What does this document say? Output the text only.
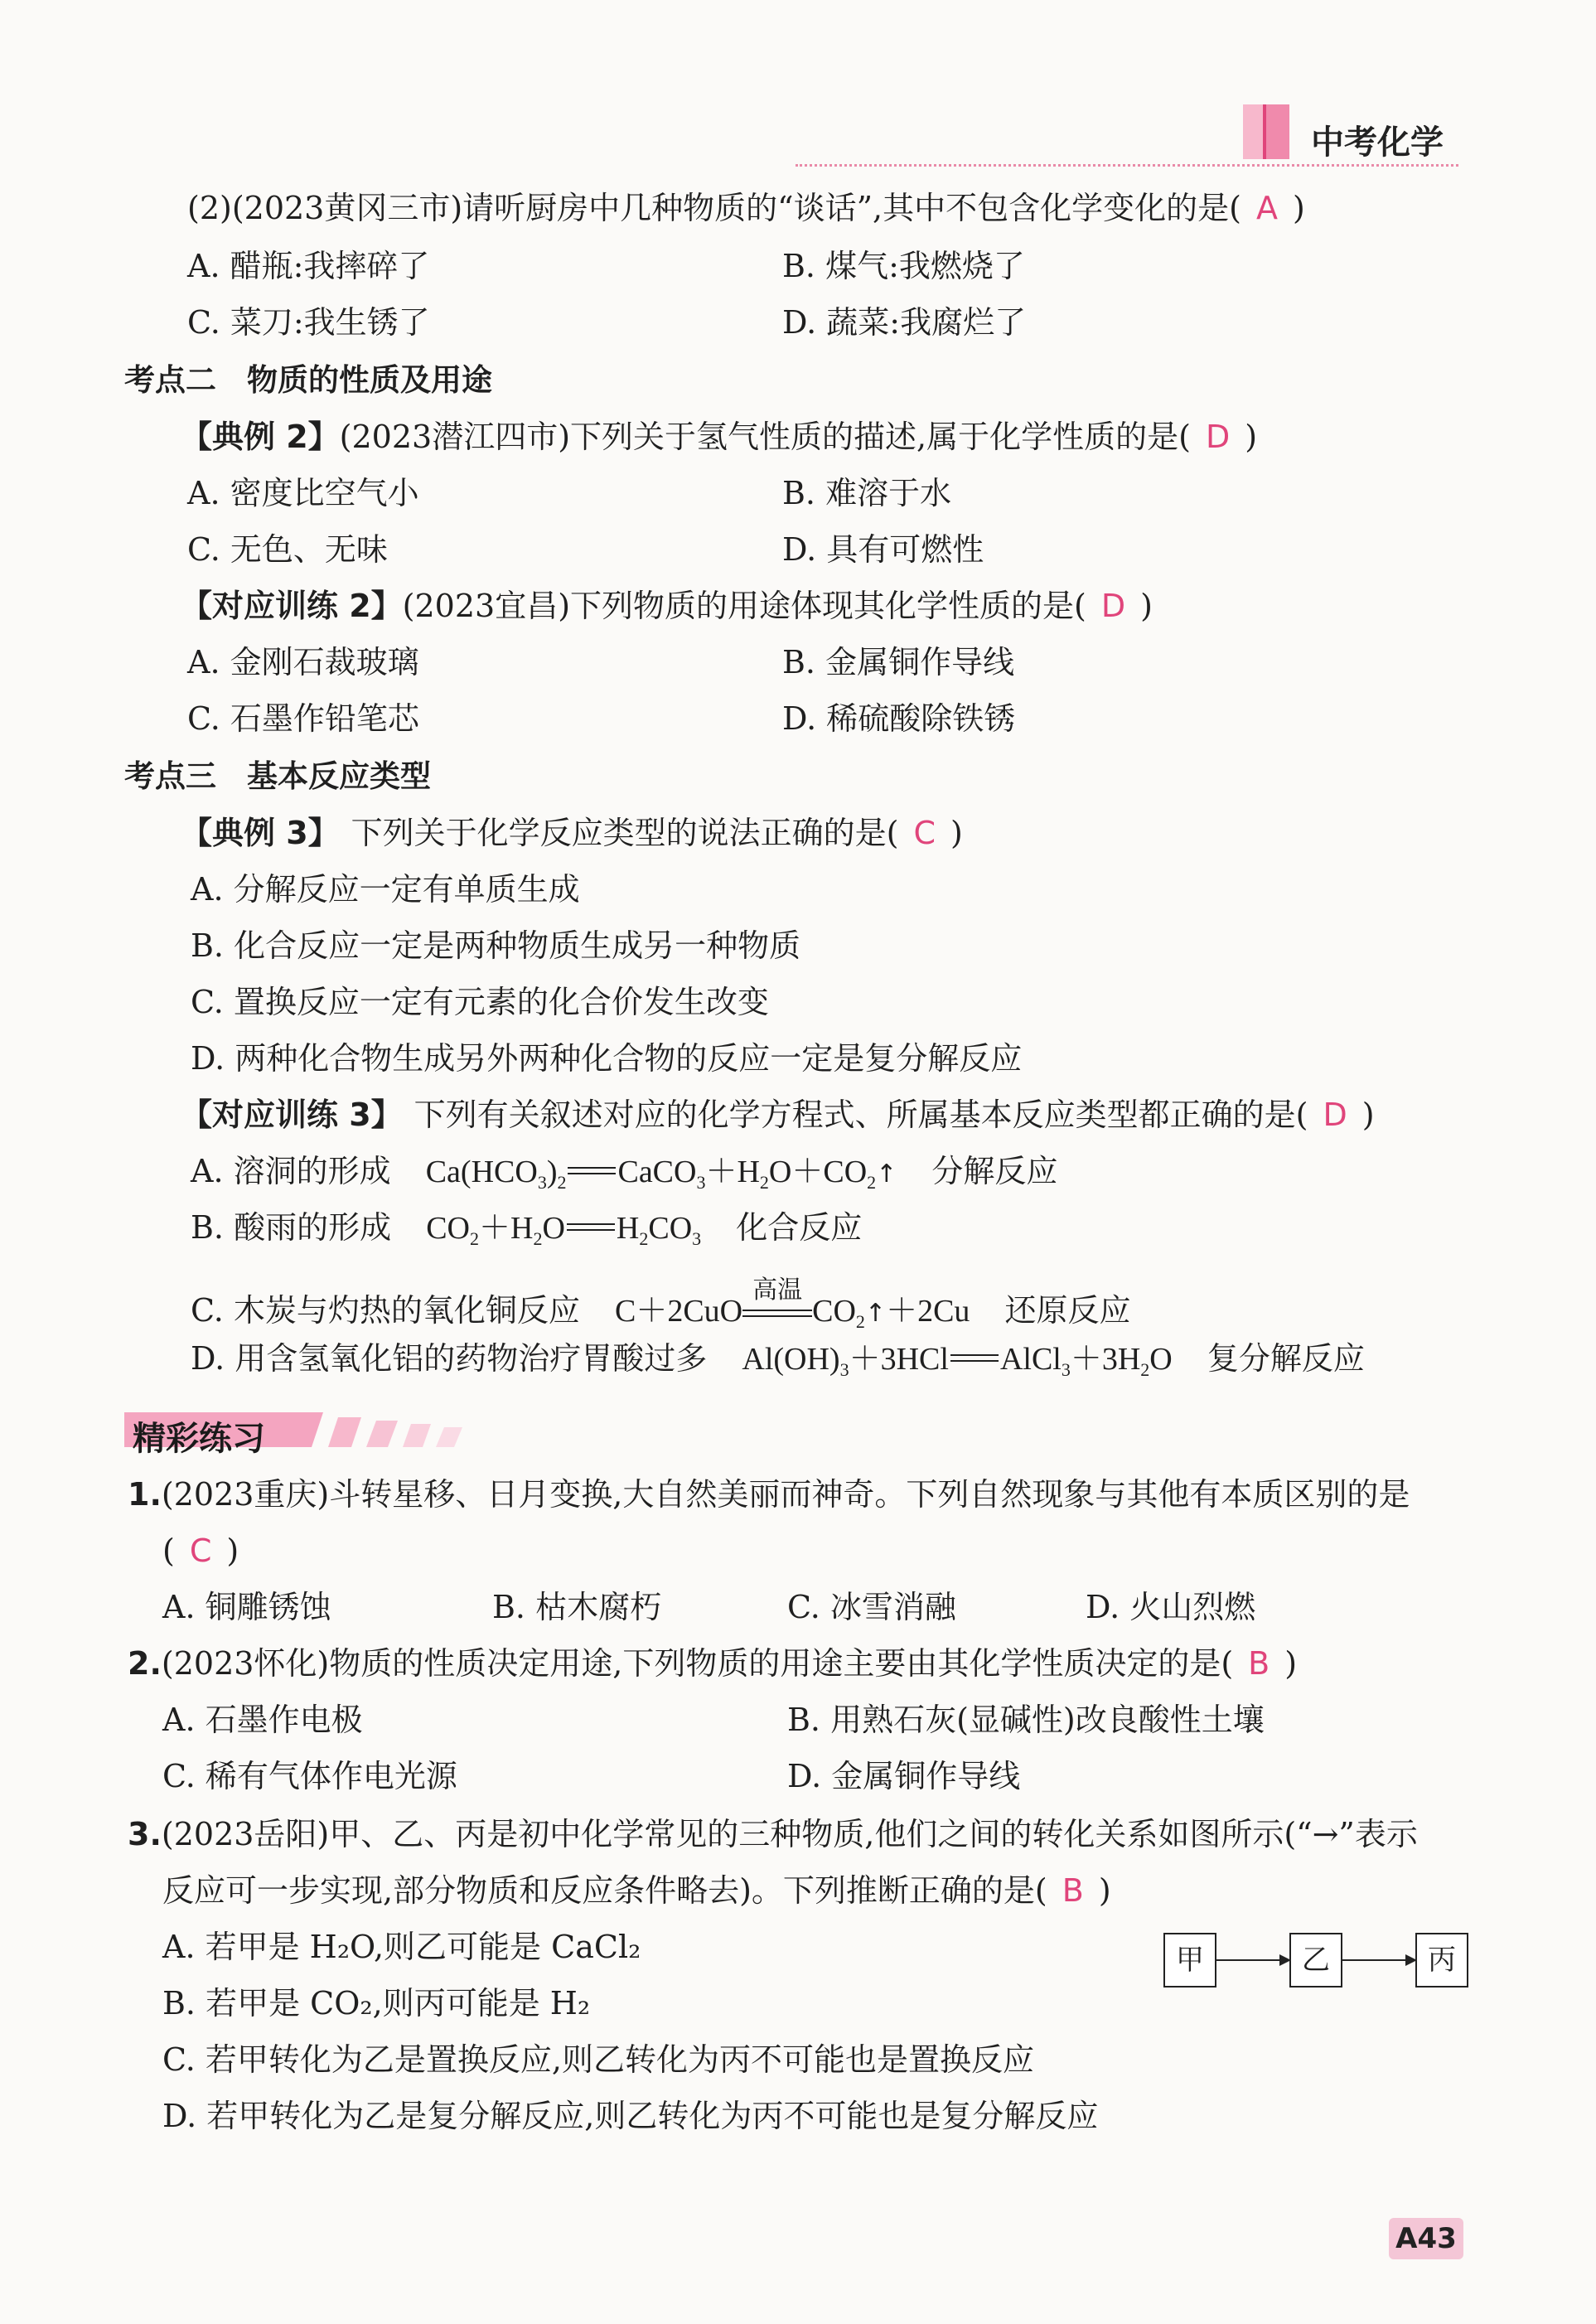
中考化学
(2)(2023黄冈三市)请听厨房中几种物质的“谈话”,其中不包含化学变化的是( A )
A. 醋瓶:我摔碎了	B. 煤气:我燃烧了
C. 菜刀:我生锈了	D. 蔬菜:我腐烂了
考点二　物质的性质及用途
【典例 2】(2023潜江四市)下列关于氢气性质的描述,属于化学性质的是( D )
A. 密度比空气小	B. 难溶于水
C. 无色、无味	D. 具有可燃性
【对应训练 2】(2023宜昌)下列物质的用途体现其化学性质的是( D )
A. 金刚石裁玻璃	B. 金属铜作导线
C. 石墨作铅笔芯	D. 稀硫酸除铁锈
考点三　基本反应类型
【典例 3】 下列关于化学反应类型的说法正确的是( C )
A. 分解反应一定有单质生成
B. 化合反应一定是两种物质生成另一种物质
C. 置换反应一定有元素的化合价发生改变
D. 两种化合物生成另外两种化合物的反应一定是复分解反应
【对应训练 3】 下列有关叙述对应的化学方程式、所属基本反应类型都正确的是( D )
A. 溶洞的形成 $Ca(HCO_3)_2$ $CaCO_3+H_2O+CO_2↑$ 分解反应
B. 酸雨的形成 $CO_2+H_2O$ $H_2CO_3$ 化合反应
C. 木炭与灼热的氧化铜反应 C＋2CuO
高温
$CO_2↑+2Cu$ 还原反应
D. 用含氢氧化铝的药物治疗胃酸过多 $Al(OH)_3+3HCl$ $AlCl_3+3H_2O$ 复分解反应
精彩练习
1.(2023重庆)斗转星移、日月变换,大自然美丽而神奇。下列自然现象与其他有本质区别的是
( C )
A. 铜雕锈蚀	B. 枯木腐朽	C. 冰雪消融	D. 火山烈燃
2.(2023怀化)物质的性质决定用途,下列物质的用途主要由其化学性质决定的是( B )
A. 石墨作电极	B. 用熟石灰(显碱性)改良酸性土壤
C. 稀有气体作电光源	D. 金属铜作导线
3.(2023岳阳)甲、乙、丙是初中化学常见的三种物质,他们之间的转化关系如图所示(“→”表示
反应可一步实现,部分物质和反应条件略去)。下列推断正确的是( B )
A. 若甲是 H₂O,则乙可能是 CaCl₂
B. 若甲是 CO₂,则丙可能是 H₂
C. 若甲转化为乙是置换反应,则乙转化为丙不可能也是置换反应
D. 若甲转化为乙是复分解反应,则乙转化为丙不可能也是复分解反应
甲	乙	丙
A43
